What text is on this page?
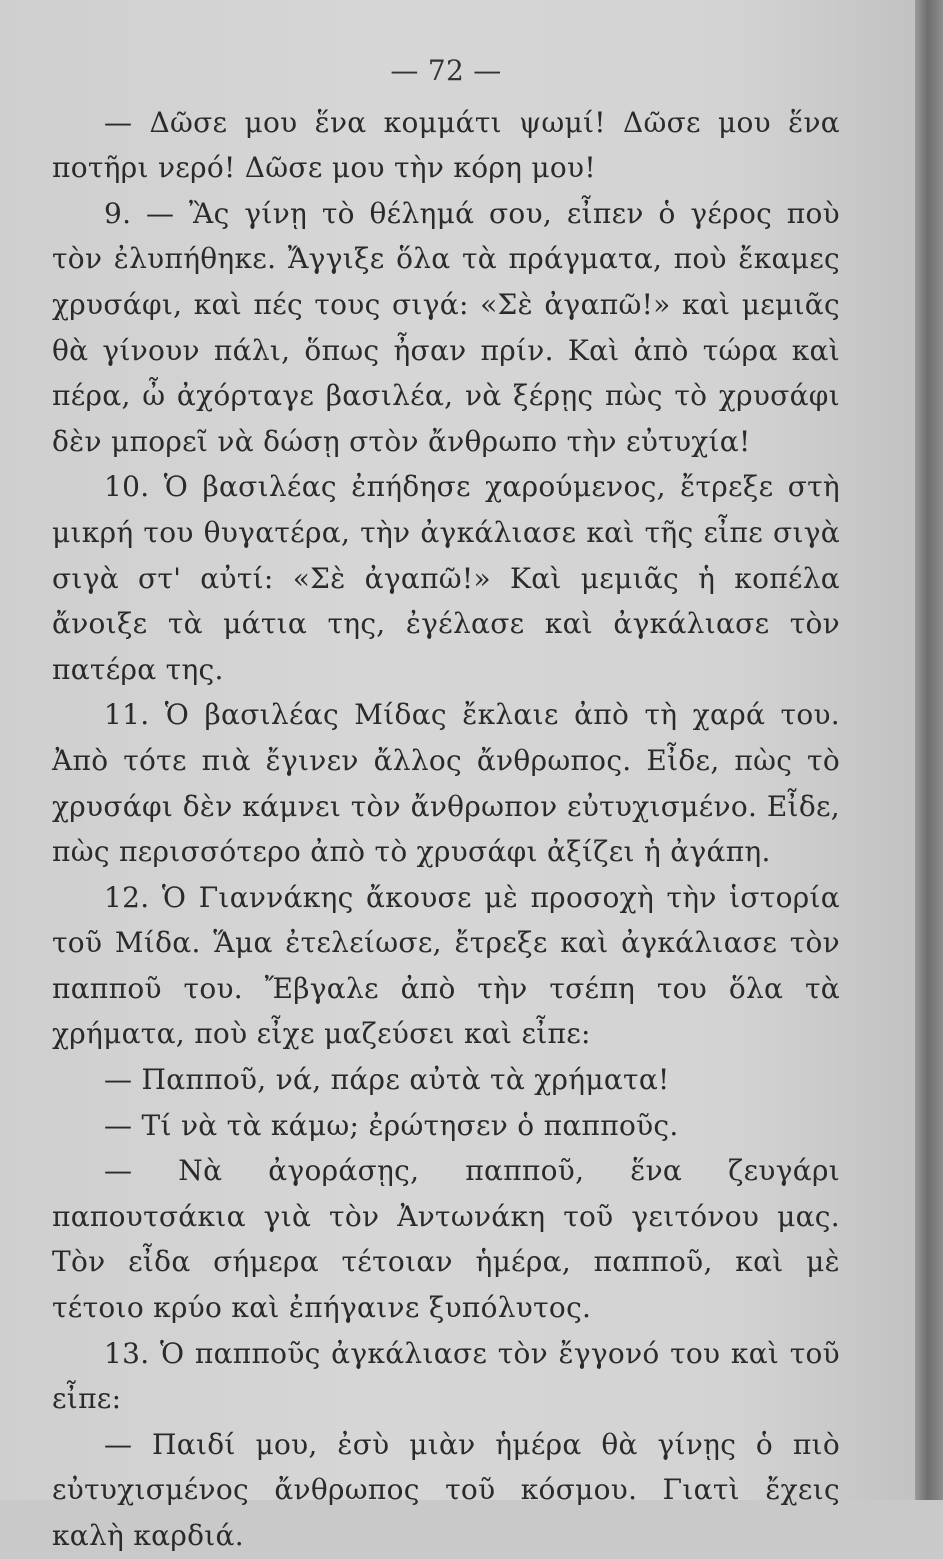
— 72 —

— Δῶσε μου ἕνα κομμάτι ψωμί! Δῶσε μου ἕνα ποτῆρι νερό! Δῶσε μου τὴν κόρη μου!

9. — Ἂς γίνῃ τὸ θέλημά σου, εἶπεν ὁ γέρος ποὺ τὸν ἐλυπήθηκε. Ἄγγιξε ὅλα τὰ πράγματα, ποὺ ἔκαμες χρυσάφι, καὶ πές τους σιγά: «Σὲ ἀγαπῶ!» καὶ μεμιᾶς θὰ γίνουν πάλι, ὅπως ἦσαν πρίν. Καὶ ἀπὸ τώρα καὶ πέρα, ὦ ἀχόρταγε βασιλέα, νὰ ξέρῃς πὼς τὸ χρυσάφι δὲν μπορεῖ νὰ δώσῃ στὸν ἄνθρωπο τὴν εὐτυχία!

10. Ὁ βασιλέας ἐπήδησε χαρούμενος, ἔτρεξε στὴ μικρή του θυγατέρα, τὴν ἀγκάλιασε καὶ τῆς εἶπε σιγὰ σιγὰ στ' αὐτί: «Σὲ ἀγαπῶ!» Καὶ μεμιᾶς ἡ κοπέλα ἄνοιξε τὰ μάτια της, ἐγέλασε καὶ ἀγκάλιασε τὸν πατέρα της.

11. Ὁ βασιλέας Μίδας ἔκλαιε ἀπὸ τὴ χαρά του. Ἀπὸ τότε πιὰ ἔγινεν ἄλλος ἄνθρωπος. Εἶδε, πὼς τὸ χρυσάφι δὲν κάμνει τὸν ἄνθρωπον εὐτυχισμένο. Εἶδε, πὼς περισσότερο ἀπὸ τὸ χρυσάφι ἀξίζει ἡ ἀγάπη.

12. Ὁ Γιαννάκης ἄκουσε μὲ προσοχὴ τὴν ἱστορία τοῦ Μίδα. Ἅμα ἐτελείωσε, ἔτρεξε καὶ ἀγκάλιασε τὸν παπποῦ του. Ἔβγαλε ἀπὸ τὴν τσέπη του ὅλα τὰ χρήματα, ποὺ εἶχε μαζεύσει καὶ εἶπε:

— Παπποῦ, νά, πάρε αὐτὰ τὰ χρήματα!

— Τί νὰ τὰ κάμω; ἐρώτησεν ὁ παπποῦς.

— Νὰ ἀγοράσῃς, παπποῦ, ἕνα ζευγάρι παπουτσάκια γιὰ τὸν Ἀντωνάκη τοῦ γειτόνου μας. Τὸν εἶδα σήμερα τέτοιαν ἡμέρα, παπποῦ, καὶ μὲ τέτοιο κρύο καὶ ἐπήγαινε ξυπόλυτος.

13. Ὁ παπποῦς ἀγκάλιασε τὸν ἔγγονό του καὶ τοῦ εἶπε:

— Παιδί μου, ἐσὺ μιὰν ἡμέρα θὰ γίνῃς ὁ πιὸ εὐτυχισμένος ἄνθρωπος τοῦ κόσμου. Γιατὶ ἔχεις καλὴ καρδιά.
